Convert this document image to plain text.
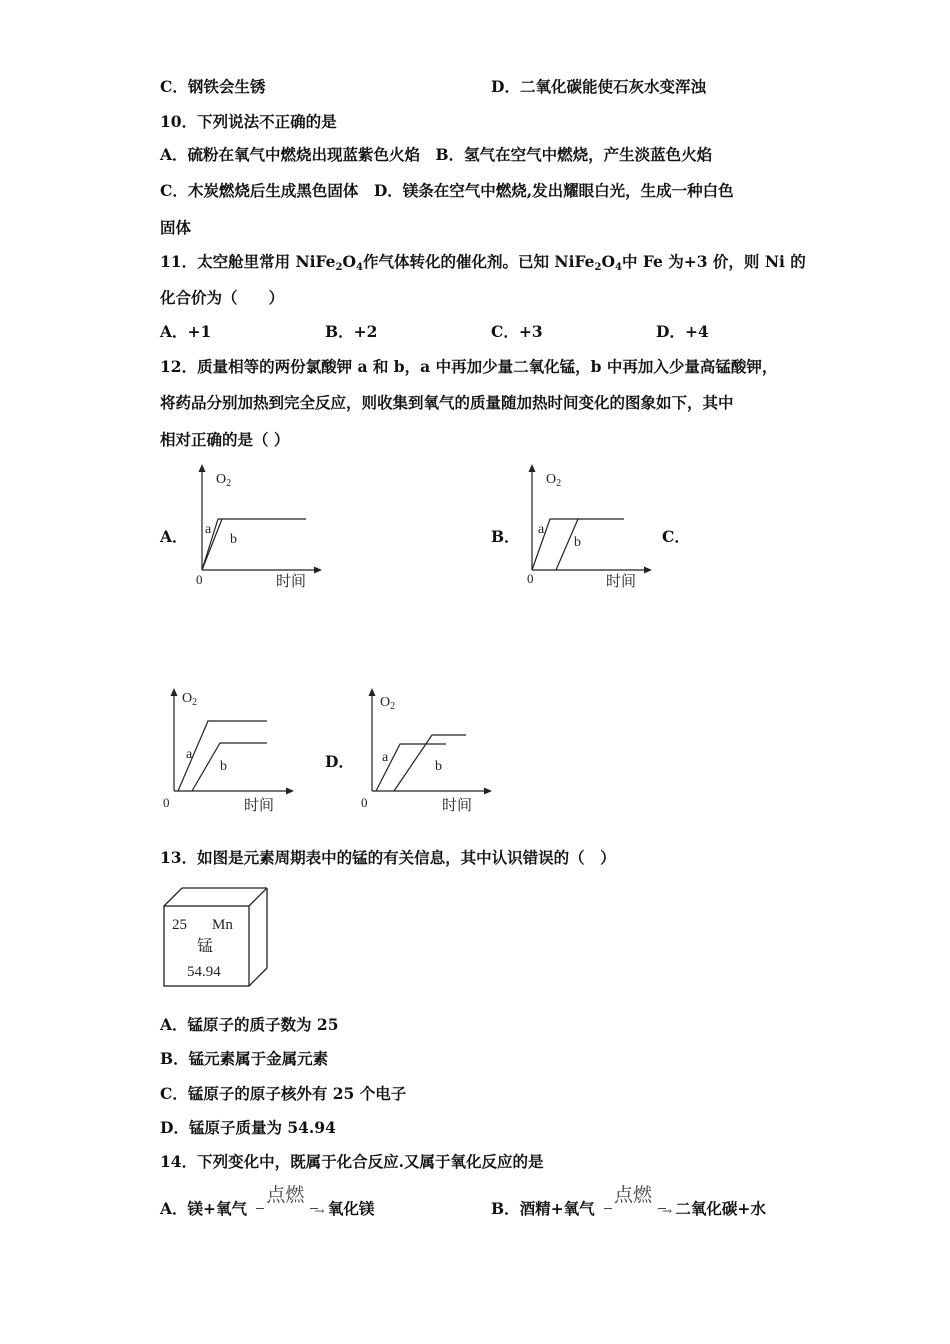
C．钢铁会生锈	D．二氧化碳能使石灰水变浑浊
10．下列说法不正确的是
A．硫粉在氧气中燃烧出现蓝紫色火焰　B．氢气在空气中燃烧，产生淡蓝色火焰
C．木炭燃烧后生成黑色固体　D．镁条在空气中燃烧,发出耀眼白光，生成一种白色
固体
11．太空舱里常用 $NiFe_2O_4$作气体转化的催化剂。已知 $NiFe_2O_4$中 Fe 为+3 价，则 Ni 的
化合价为（　　）
A．+1	B．+2	C．+3	D．+4
12．质量相等的两份氯酸钾 a 和 b，a 中再加少量二氧化锰，b 中再加入少量高锰酸钾，
将药品分别加热到完全反应，则收集到氧气的质量随加热时间变化的图象如下，其中
相对正确的是（ ）
A．	B．	C．
D．
$O_2$
a
b
0	时间
$O_2$
a
b
0	时间
$O_2$
a
b
0	时间
$O_2$
a
b
0	时间
13．如图是元素周期表中的锰的有关信息，其中认识错误的（　）
25 Mn
锰
54.94
A．锰原子的质子数为 25
B．锰元素属于金属元素
C．锰原子的原子核外有 25 个电子
D．锰原子质量为 54.94
14．下列变化中，既属于化合反应.又属于氧化反应的是
A．镁+氧气
点燃
→ 氧化镁	B．酒精+氧气
点燃
→ 二氧化碳+水
